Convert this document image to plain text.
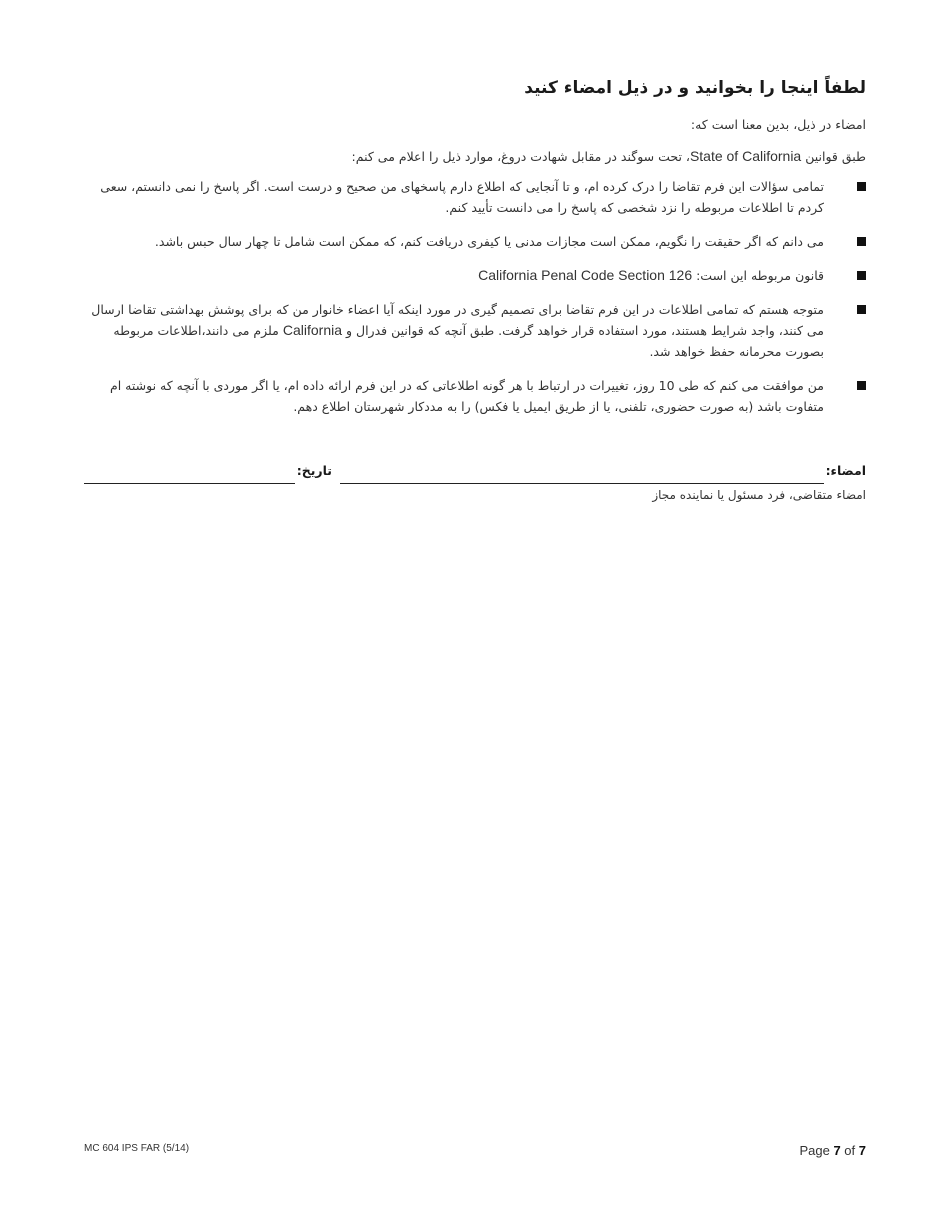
لطفاً اینجا را بخوانید و در ذیل امضاء کنید
امضاء در ذیل، بدین معنا است که:
طبق قوانین State of California، تحت سوگند در مقابل شهادت دروغ، موارد ذیل را اعلام می کنم:
تمامی سؤالات این فرم تقاضا را درک کرده ام، و تا آنجایی که اطلاع دارم پاسخهای من صحیح و درست است. اگر پاسخ را نمی دانستم، سعی کردم تا اطلاعات مربوطه را نزد شخصی که پاسخ را می دانست تأیید کنم.
می دانم که اگر حقیقت را نگویم، ممکن است مجازات مدنی یا کیفری دریافت کنم، که ممکن است شامل تا چهار سال حبس باشد.
قانون مربوطه این است: California Penal Code Section 126
متوجه هستم که تمامی اطلاعات در این فرم تقاضا برای تصمیم گیری در مورد اینکه آیا اعضاء خانوار من که برای پوشش بهداشتی تقاضا ارسال می کنند، واجد شرایط هستند، مورد استفاده قرار خواهد گرفت. طبق آنچه که قوانین فدرال و California ملزم می دانند،اطلاعات مربوطه بصورت محرمانه حفظ خواهد شد.
من موافقت می کنم که طی 10 روز، تغییرات در ارتباط با هر گونه اطلاعاتی که در این فرم ارائه داده ام، یا اگر موردی با آنچه که نوشته ام متفاوت باشد (به صورت حضوری، تلفنی، یا از طریق ایمیل یا فکس) را به مددکار شهرستان اطلاع دهم.
امضاء:
تاریخ:
امضاء متقاضی، فرد مسئول یا نماینده مجاز
MC 604 IPS FAR (5/14)	Page 7 of 7
